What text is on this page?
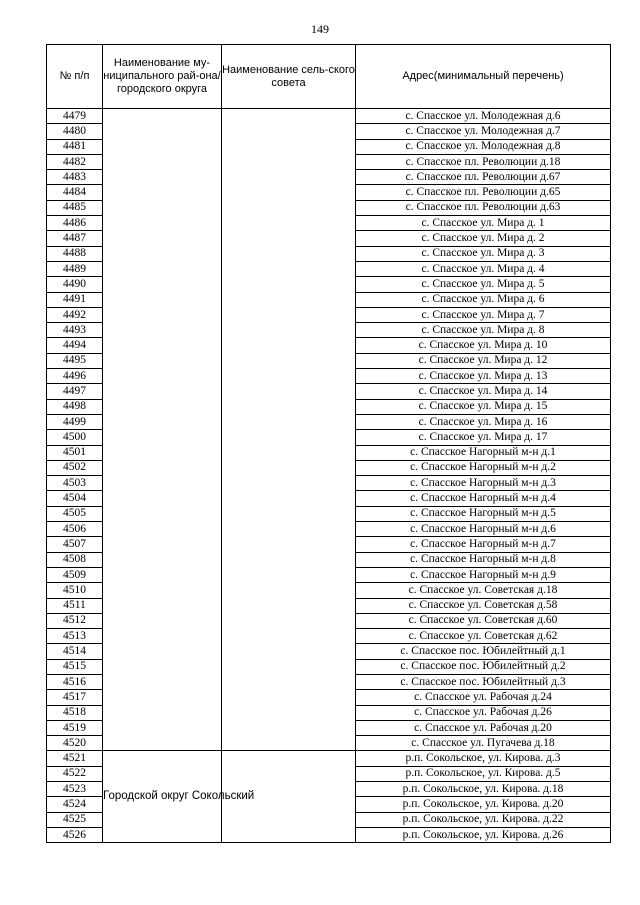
149
№ п/п	Наименование му-ниципального рай-она/ городского округа	Наименование сель-ского совета	Адрес(минимальный перечень)
4479			с. Спасское ул. Молодежная д.6
4480			с. Спасское ул. Молодежная д.7
4481			с. Спасское ул. Молодежная д.8
4482			с. Спасское пл. Революции д.18
4483			с. Спасское пл. Революции д.67
4484			с. Спасское пл. Революции д.65
4485			с. Спасское пл. Революции д.63
4486			с. Спасское ул. Мира д. 1
4487			с. Спасское ул. Мира д. 2
4488			с. Спасское ул. Мира д. 3
4489			с. Спасское ул. Мира д. 4
4490			с. Спасское ул. Мира д. 5
4491			с. Спасское ул. Мира д. 6
4492			с. Спасское ул. Мира д. 7
4493			с. Спасское ул. Мира д. 8
4494			с. Спасское ул. Мира д. 10
4495			с. Спасское ул. Мира д. 12
4496			с. Спасское ул. Мира д. 13
4497			с. Спасское ул. Мира д. 14
4498			с. Спасское ул. Мира д. 15
4499			с. Спасское ул. Мира д. 16
4500			с. Спасское ул. Мира д. 17
4501			с. Спасское Нагорный м-н д.1
4502			с. Спасское Нагорный м-н д.2
4503			с. Спасское Нагорный м-н д.3
4504			с. Спасское Нагорный м-н д.4
4505			с. Спасское Нагорный м-н д.5
4506			с. Спасское Нагорный м-н д.6
4507			с. Спасское Нагорный м-н д.7
4508			с. Спасское Нагорный м-н д.8
4509			с. Спасское Нагорный м-н д.9
4510			с. Спасское ул. Советская д.18
4511			с. Спасское ул. Советская д.58
4512			с. Спасское ул. Советская д.60
4513			с. Спасское ул. Советская д.62
4514			с. Спасское пос. Юбилейтный д.1
4515			с. Спасское пос. Юбилейтный д.2
4516			с. Спасское пос. Юбилейтный д.3
4517			с. Спасское ул. Рабочая д.24
4518			с. Спасское ул. Рабочая д.26
4519			с. Спасское ул. Рабочая д.20
4520			с. Спасское ул. Пугачева д.18
4521	Городской округ Сокольский		р.п. Сокольское, ул. Кирова. д.3
4522			р.п. Сокольское, ул. Кирова. д.5
4523			р.п. Сокольское, ул. Кирова. д.18
4524			р.п. Сокольское, ул. Кирова. д.20
4525			р.п. Сокольское, ул. Кирова. д.22
4526			р.п. Сокольское, ул. Кирова. д.26
